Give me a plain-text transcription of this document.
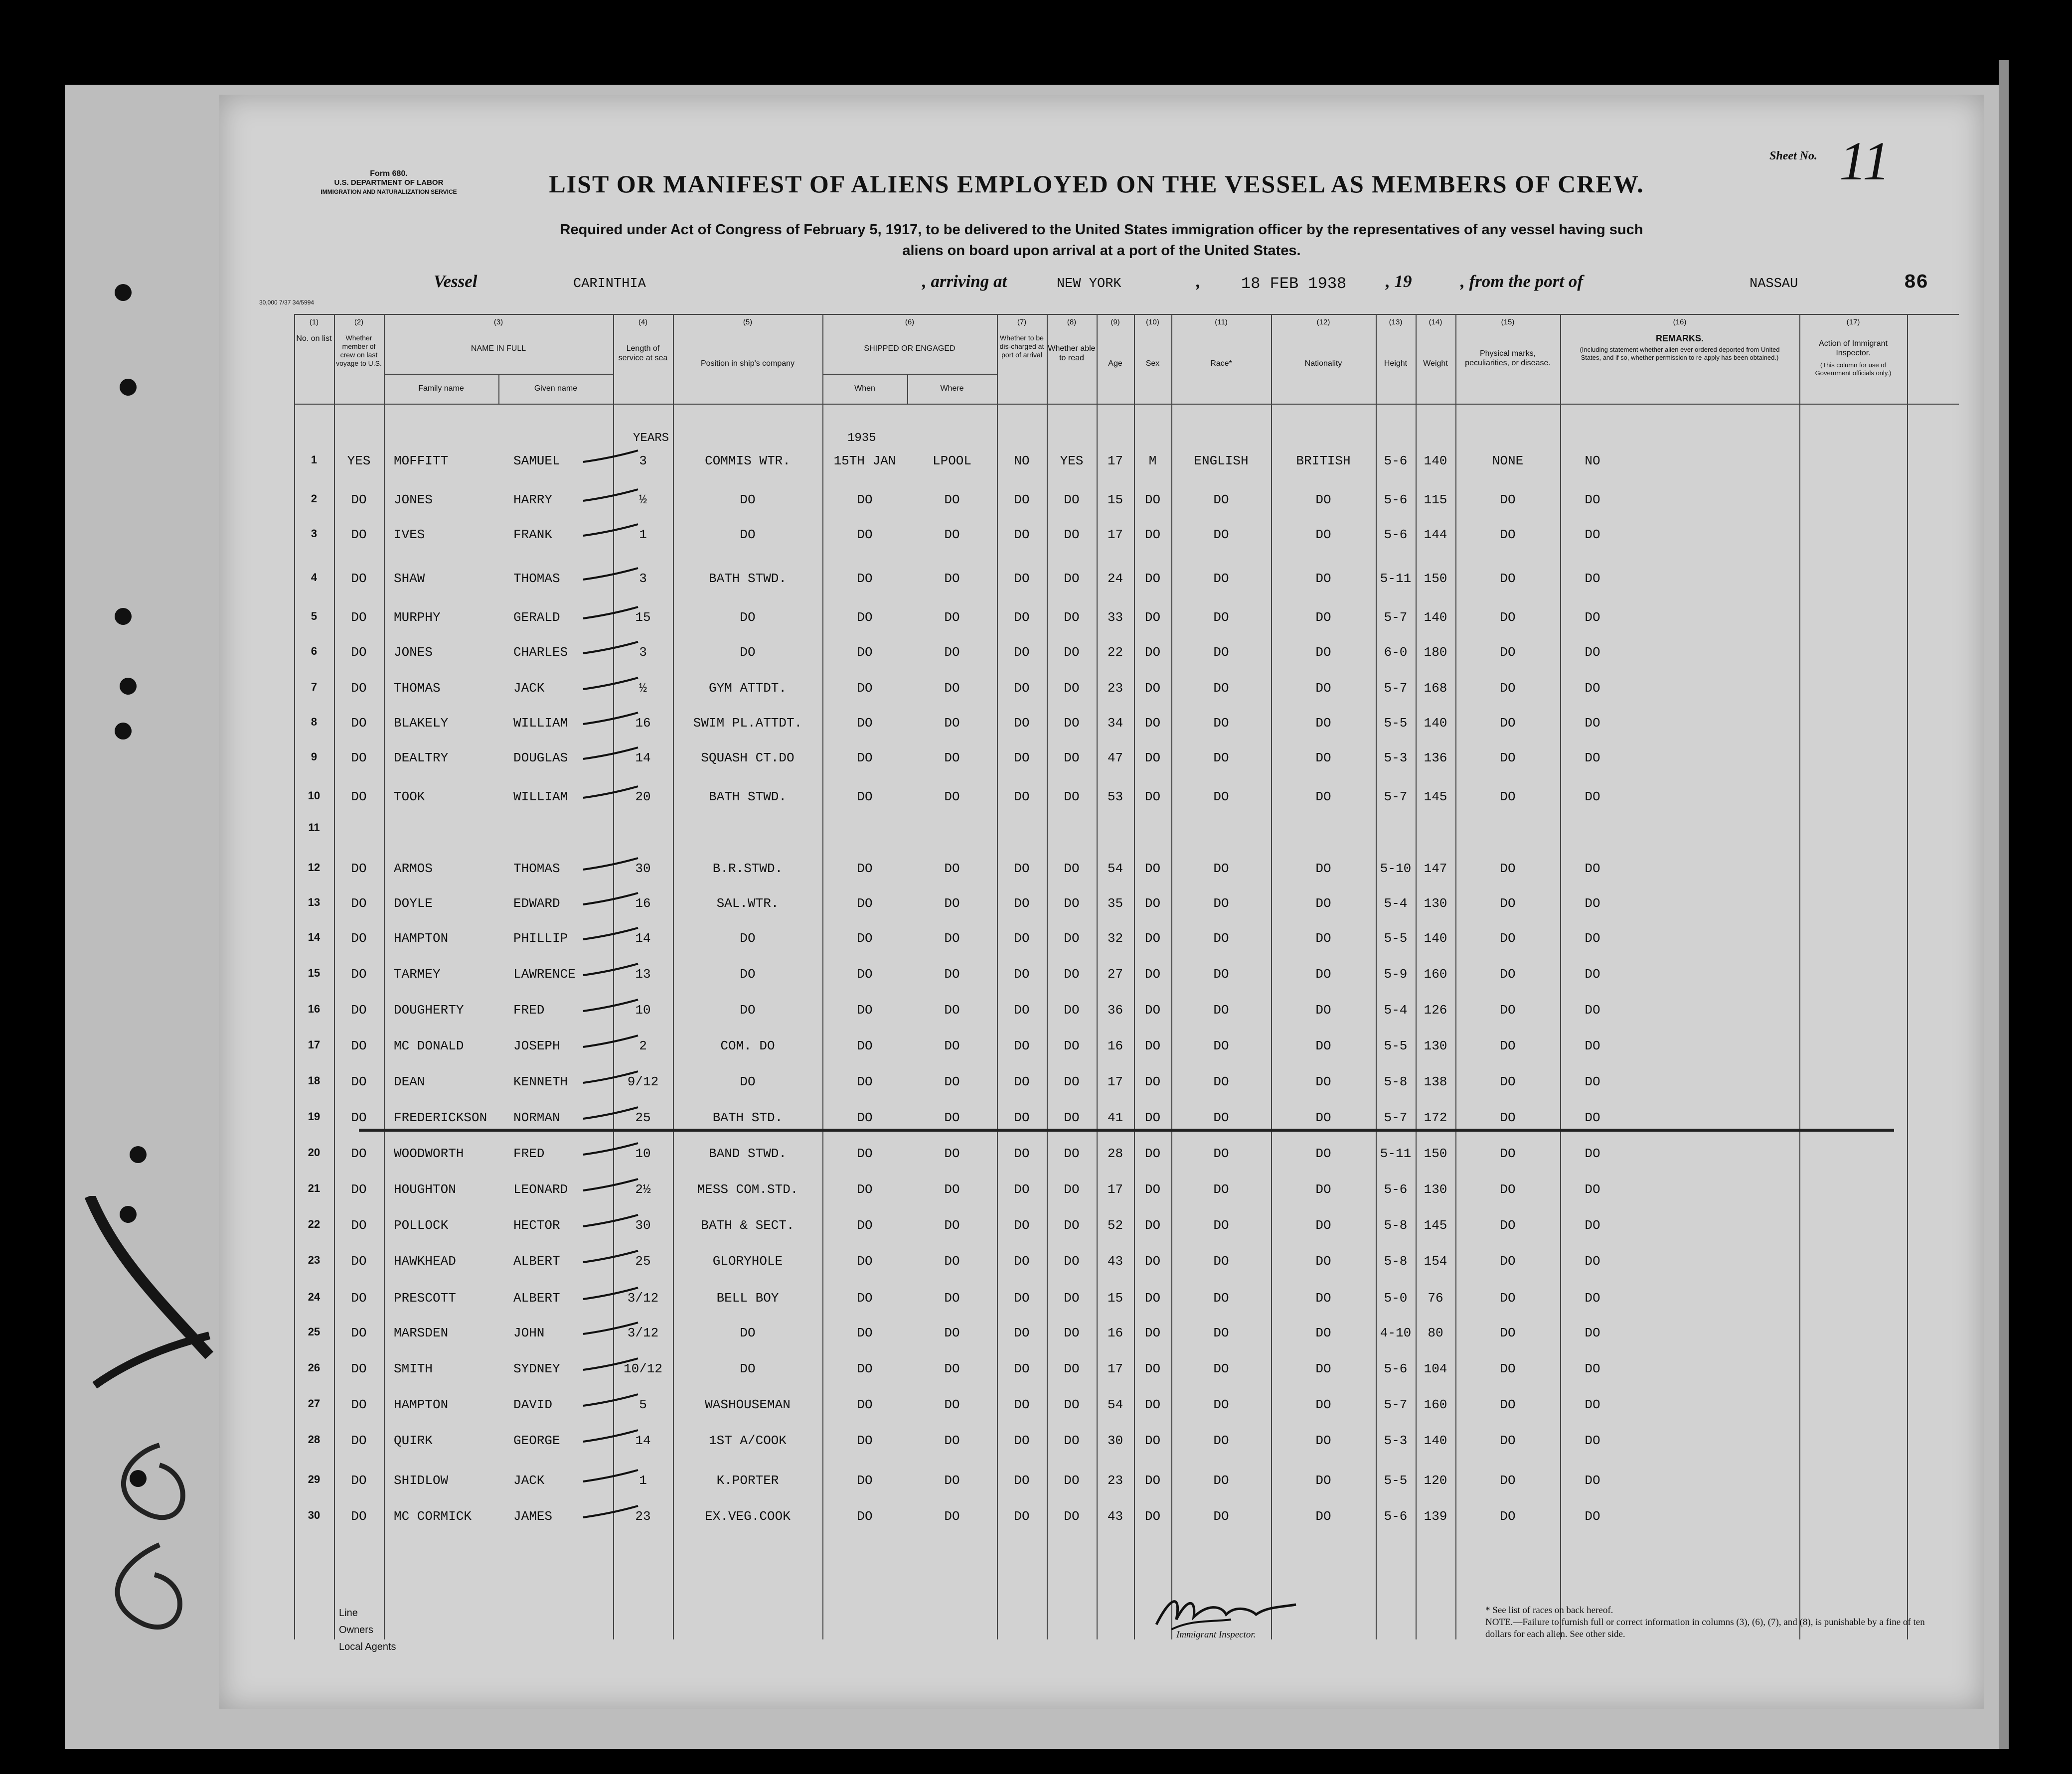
Form 680.
U.S. DEPARTMENT OF LABOR
IMMIGRATION AND NATURALIZATION SERVICE
30,000 7/37 34/5994
Sheet No. 11
LIST OR MANIFEST OF ALIENS EMPLOYED ON THE VESSEL AS MEMBERS OF CREW.
Required under Act of Congress of February 5, 1917, to be delivered to the United States immigration officer by the representatives of any vessel having such
aliens on board upon arrival at a port of the United States.
Vessel	CARINTHIA	, arriving at	NEW YORK	,	18 FEB 1938 , 19	, from the port of	NASSAU	86
(1)	(2)	(3)	(4)	(5)	(6)	(7)	(8)	(9)	(10)	(11)	(12)	(13)	(14)	(15)	(16)	(17)
No. on list	Whether member of crew on last voyage to U.S.
NAME IN FULL
Family name	Given name
Length of service at sea
Position in ship's company
SHIPPED OR ENGAGED
When	Where
Whether to be dis-charged at port of arrival
Whether able to read
Age	Sex	Race*	Nationality	Height	Weight
Physical marks, peculiarities, or disease.
REMARKS.
(Including statement whether alien ever ordered deported from United States, and if so, whether permission to re-apply has been obtained.)
Action of Immigrant Inspector.
(This column for use of Government officials only.)
YEARS	1935
1	YES	MOFFITT	SAMUEL	3	COMMIS WTR.	15TH JAN	LPOOL	NO	YES	17	M	ENGLISH	BRITISH	5-6	140	NONE	NO
2	DO	JONES	HARRY	½	DO	DO	DO	DO	DO	15	DO	DO	DO	5-6	115	DO	DO
3	DO	IVES	FRANK	1	DO	DO	DO	DO	DO	17	DO	DO	DO	5-6	144	DO	DO
4	DO	SHAW	THOMAS	3	BATH STWD.	DO	DO	DO	DO	24	DO	DO	DO	5-11 150	DO	DO
5	DO	MURPHY	GERALD	15	DO	DO	DO	DO	DO	33	DO	DO	DO	5-7	140	DO	DO
6	DO	JONES	CHARLES	3	DO	DO	DO	DO	DO	22	DO	DO	DO	6-0	180	DO	DO
7	DO	THOMAS	JACK	½	GYM ATTDT.	DO	DO	DO	DO	23	DO	DO	DO	5-7	168	DO	DO
8	DO	BLAKELY	WILLIAM	16	SWIM PL.ATTDT.	DO	DO	DO	DO	34	DO	DO	DO	5-5	140	DO	DO
9	DO	DEALTRY	DOUGLAS	14	SQUASH CT.DO	DO	DO	DO	DO	47	DO	DO	DO	5-3	136	DO	DO
10	DO	TOOK	WILLIAM	20	BATH STWD.	DO	DO	DO	DO	53	DO	DO	DO	5-7	145	DO	DO
11
12	DO	ARMOS	THOMAS	30	B.R.STWD.	DO	DO	DO	DO	54	DO	DO	DO	5-10 147	DO	DO
13	DO	DOYLE	EDWARD	16	SAL.WTR.	DO	DO	DO	DO	35	DO	DO	DO	5-4	130	DO	DO
14	DO	HAMPTON	PHILLIP	14	DO	DO	DO	DO	DO	32	DO	DO	DO	5-5	140	DO	DO
15	DO	TARMEY	LAWRENCE	13	DO	DO	DO	DO	DO	27	DO	DO	DO	5-9	160	DO	DO
16	DO	DOUGHERTY	FRED	10	DO	DO	DO	DO	DO	36	DO	DO	DO	5-4	126	DO	DO
17	DO	MC DONALD	JOSEPH	2	COM. DO	DO	DO	DO	DO	16	DO	DO	DO	5-5	130	DO	DO
18	DO	DEAN	KENNETH	9/12	DO	DO	DO	DO	DO	17	DO	DO	DO	5-8	138	DO	DO
19	DO	FREDERICKSON	NORMAN	25	BATH STD.	DO	DO	DO	DO	41	DO	DO	DO	5-7	172	DO	DO
20	DO	WOODWORTH	FRED	10	BAND STWD.	DO	DO	DO	DO	28	DO	DO	DO	5-11 150	DO	DO
21	DO	HOUGHTON	LEONARD	2½	MESS COM.STD.	DO	DO	DO	DO	17	DO	DO	DO	5-6	130	DO	DO
22	DO	POLLOCK	HECTOR	30	BATH & SECT.	DO	DO	DO	DO	52	DO	DO	DO	5-8	145	DO	DO
23	DO	HAWKHEAD	ALBERT	25	GLORYHOLE	DO	DO	DO	DO	43	DO	DO	DO	5-8	154	DO	DO
24	DO	PRESCOTT	ALBERT	3/12	BELL BOY	DO	DO	DO	DO	15	DO	DO	DO	5-0	76	DO	DO
25	DO	MARSDEN	JOHN	3/12	DO	DO	DO	DO	DO	16	DO	DO	DO	4-10	80	DO	DO
26	DO	SMITH	SYDNEY	10/12	DO	DO	DO	DO	DO	17	DO	DO	DO	5-6	104	DO	DO
27	DO	HAMPTON	DAVID	5	WASHOUSEMAN	DO	DO	DO	DO	54	DO	DO	DO	5-7	160	DO	DO
28	DO	QUIRK	GEORGE	14	1ST A/COOK	DO	DO	DO	DO	30	DO	DO	DO	5-3	140	DO	DO
29	DO	SHIDLOW	JACK	1	K.PORTER	DO	DO	DO	DO	23	DO	DO	DO	5-5	120	DO	DO
30	DO	MC CORMICK	JAMES	23	EX.VEG.COOK	DO	DO	DO	DO	43	DO	DO	DO	5-6	139	DO	DO
Line
Owners
Local Agents
Immigrant Inspector.
* See list of races on back hereof.
NOTE.—Failure to furnish full or correct information in columns (3), (6), (7), and (8), is punishable by a fine of ten dollars for each alien. See other side.
